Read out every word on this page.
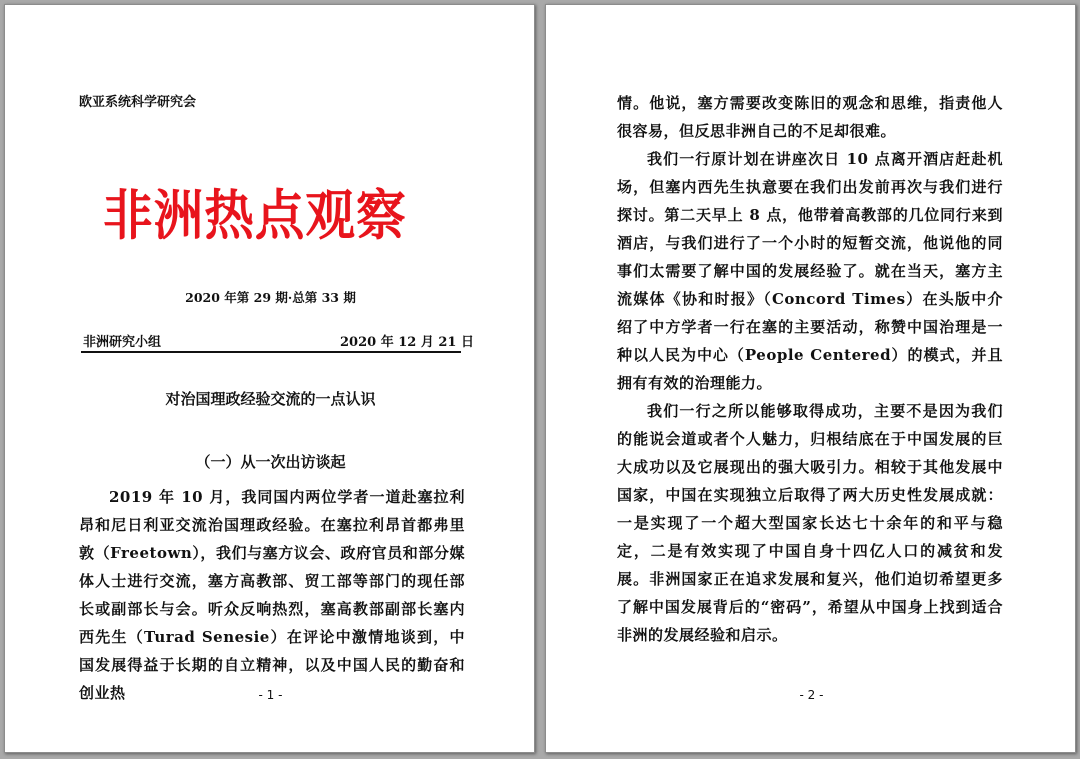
欧亚系统科学研究会
非洲热点观察
2020 年第 29 期·总第 33 期
非洲研究小组	2020 年 12 月 21 日
对治国理政经验交流的一点认识
（一）从一次出访谈起

2019 年 10 月，我同国内两位学者一道赴塞拉利昂和尼日利亚交流治国理政经验。在塞拉利昂首都弗里敦（Freetown），我们与塞方议会、政府官员和部分媒体人士进行交流，塞方高教部、贸工部等部门的现任部长或副部长与会。听众反响热烈，塞高教部副部长塞内西先生（Turad Senesie）在评论中激情地谈到，中国发展得益于长期的自立精神，以及中国人民的勤奋和创业热	- 1 -

情。他说，塞方需要改变陈旧的观念和思维，指责他人很容易，但反思非洲自己的不足却很难。

我们一行原计划在讲座次日 10 点离开酒店赶赴机场，但塞内西先生执意要在我们出发前再次与我们进行探讨。第二天早上 8 点，他带着高教部的几位同行来到酒店，与我们进行了一个小时的短暂交流，他说他的同事们太需要了解中国的发展经验了。就在当天，塞方主流媒体《协和时报》（Concord Times）在头版中介绍了中方学者一行在塞的主要活动，称赞中国治理是一种以人民为中心（People Centered）的模式，并且拥有有效的治理能力。

我们一行之所以能够取得成功，主要不是因为我们的能说会道或者个人魅力，归根结底在于中国发展的巨大成功以及它展现出的强大吸引力。相较于其他发展中国家，中国在实现独立后取得了两大历史性发展成就：一是实现了一个超大型国家长达七十余年的和平与稳定，二是有效实现了中国自身十四亿人口的减贫和发展。非洲国家正在追求发展和复兴，他们迫切希望更多了解中国发展背后的“密码”，希望从中国身上找到适合非洲的发展经验和启示。

- 2 -
